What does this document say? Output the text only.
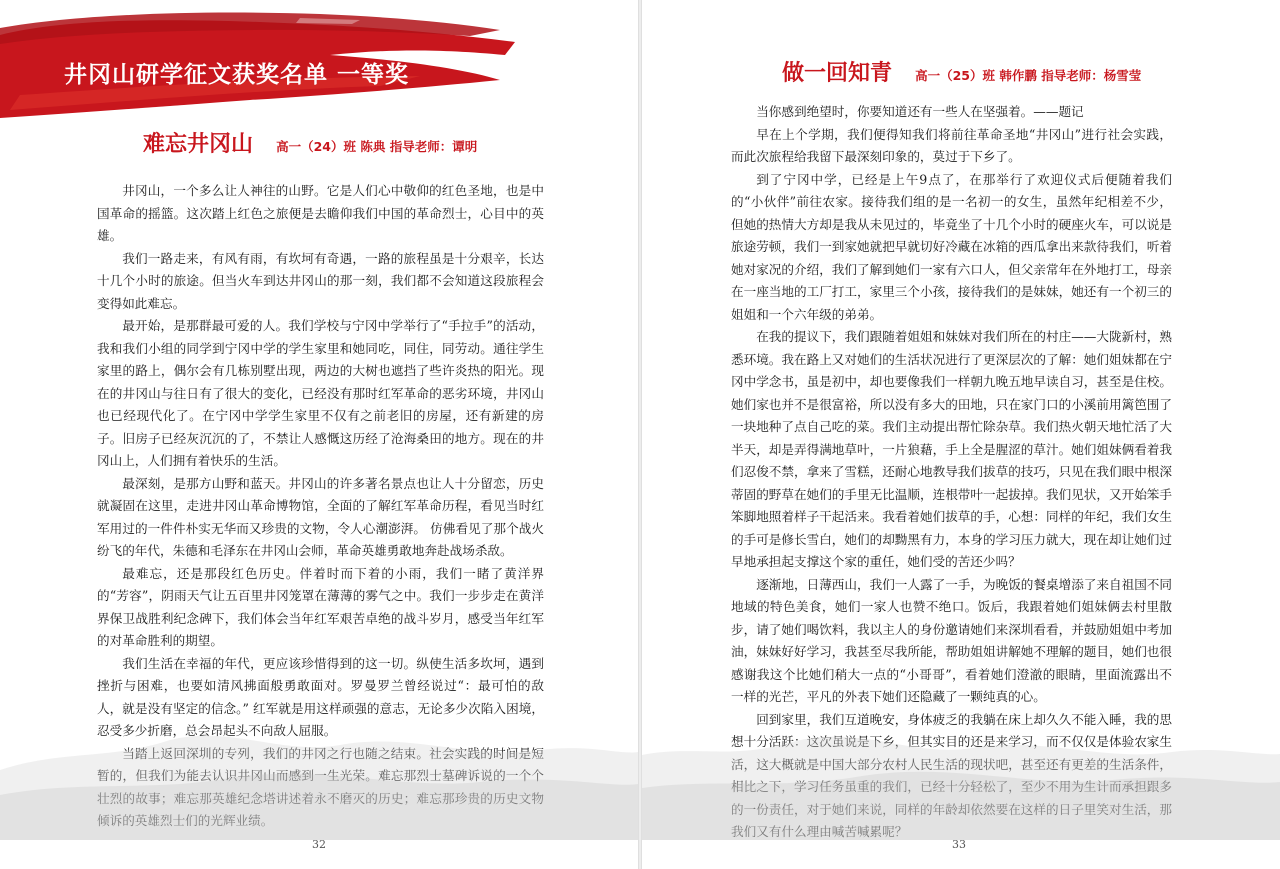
井冈山研学征文获奖名单 一等奖
难忘井冈山 高一（24）班 陈典 指导老师：谭明

井冈山，一个多么让人神往的山野。它是人们心中敬仰的红色圣地，也是中国革命的摇篮。这次踏上红色之旅便是去瞻仰我们中国的革命烈士，心目中的英雄。

我们一路走来，有风有雨，有坎坷有奇遇，一路的旅程虽是十分艰辛，长达十几个小时的旅途。但当火车到达井冈山的那一刻，我们都不会知道这段旅程会变得如此难忘。

最开始，是那群最可爱的人。我们学校与宁冈中学举行了“手拉手”的活动，我和我们小组的同学到宁冈中学的学生家里和她同吃，同住，同劳动。通往学生家里的路上，偶尔会有几栋别墅出现，两边的大树也遮挡了些许炎热的阳光。现在的井冈山与往日有了很大的变化，已经没有那时红军革命的恶劣环境，井冈山也已经现代化了。在宁冈中学学生家里不仅有之前老旧的房屋，还有新建的房子。旧房子已经灰沉沉的了，不禁让人感慨这历经了沧海桑田的地方。现在的井冈山上，人们拥有着快乐的生活。

最深刻，是那方山野和蓝天。井冈山的许多著名景点也让人十分留恋，历史就凝固在这里，走进井冈山革命博物馆，全面的了解红军革命历程，看见当时红军用过的一件件朴实无华而又珍贵的文物，令人心潮澎湃。 仿佛看见了那个战火纷飞的年代，朱德和毛泽东在井冈山会师，革命英雄勇敢地奔赴战场杀敌。

最难忘，还是那段红色历史。伴着时而下着的小雨，我们一睹了黄洋界的“芳容”，阴雨天气让五百里井冈笼罩在薄薄的雾气之中。我们一步步走在黄洋界保卫战胜利纪念碑下，我们体会当年红军艰苦卓绝的战斗岁月，感受当年红军的对革命胜利的期望。

我们生活在幸福的年代，更应该珍惜得到的这一切。纵使生活多坎坷，遇到挫折与困难，也要如清风拂面般勇敢面对。罗曼罗兰曾经说过“：最可怕的敌人，就是没有坚定的信念。” 红军就是用这样顽强的意志，无论多少次陷入困境，忍受多少折磨，总会昂起头不向敌人屈服。

当踏上返回深圳的专列，我们的井冈之行也随之结束。社会实践的时间是短暂的，但我们为能去认识井冈山而感到一生光荣。难忘那烈士墓碑诉说的一个个壮烈的故事；难忘那英雄纪念塔讲述着永不磨灭的历史；难忘那珍贵的历史文物倾诉的英雄烈士们的光辉业绩。

32
做一回知青 高一（25）班 韩作鹏 指导老师：杨雪莹

当你感到绝望时，你要知道还有一些人在坚强着。——题记

早在上个学期，我们便得知我们将前往革命圣地“井冈山”进行社会实践，而此次旅程给我留下最深刻印象的，莫过于下乡了。

到了宁冈中学，已经是上午9点了，在那举行了欢迎仪式后便随着我们的“小伙伴”前往农家。接待我们组的是一名初一的女生，虽然年纪相差不少，但她的热情大方却是我从未见过的，毕竟坐了十几个小时的硬座火车，可以说是旅途劳顿，我们一到家她就把早就切好冷藏在冰箱的西瓜拿出来款待我们，听着她对家况的介绍，我们了解到她们一家有六口人，但父亲常年在外地打工，母亲在一座当地的工厂打工，家里三个小孩，接待我们的是妹妹，她还有一个初三的姐姐和一个六年级的弟弟。

在我的提议下，我们跟随着姐姐和妹妹对我们所在的村庄——大陇新村，熟悉环境。我在路上又对她们的生活状况进行了更深层次的了解：她们姐妹都在宁冈中学念书，虽是初中，却也要像我们一样朝九晚五地早读自习，甚至是住校。她们家也并不是很富裕，所以没有多大的田地，只在家门口的小溪前用篱笆围了一块地种了点自己吃的菜。我们主动提出帮忙除杂草。我们热火朝天地忙活了大半天，却是弄得满地草叶，一片狼藉，手上全是腥涩的草汁。她们姐妹俩看着我们忍俊不禁，拿来了雪糕，还耐心地教导我们拔草的技巧，只见在我们眼中根深蒂固的野草在她们的手里无比温顺，连根带叶一起拔掉。我们见状，又开始笨手笨脚地照着样子干起活来。我看着她们拔草的手，心想：同样的年纪，我们女生的手可是修长雪白，她们的却黝黑有力，本身的学习压力就大，现在却让她们过早地承担起支撑这个家的重任，她们受的苦还少吗？

逐渐地，日薄西山，我们一人露了一手，为晚饭的餐桌增添了来自祖国不同地域的特色美食，她们一家人也赞不绝口。饭后，我跟着她们姐妹俩去村里散步，请了她们喝饮料，我以主人的身份邀请她们来深圳看看，并鼓励姐姐中考加油，妹妹好好学习，我甚至尽我所能，帮助姐姐讲解她不理解的题目，她们也很感谢我这个比她们稍大一点的“小哥哥”，看着她们澄澈的眼睛，里面流露出不一样的光芒，平凡的外表下她们还隐藏了一颗纯真的心。

回到家里，我们互道晚安，身体疲乏的我躺在床上却久久不能入睡，我的思想十分活跃：这次虽说是下乡，但其实目的还是来学习，而不仅仅是体验农家生活，这大概就是中国大部分农村人民生活的现状吧，甚至还有更差的生活条件，相比之下，学习任务虽重的我们，已经十分轻松了，至少不用为生计而承担跟多的一份责任，对于她们来说，同样的年龄却依然要在这样的日子里笑对生活，那我们又有什么理由喊苦喊累呢？

33
